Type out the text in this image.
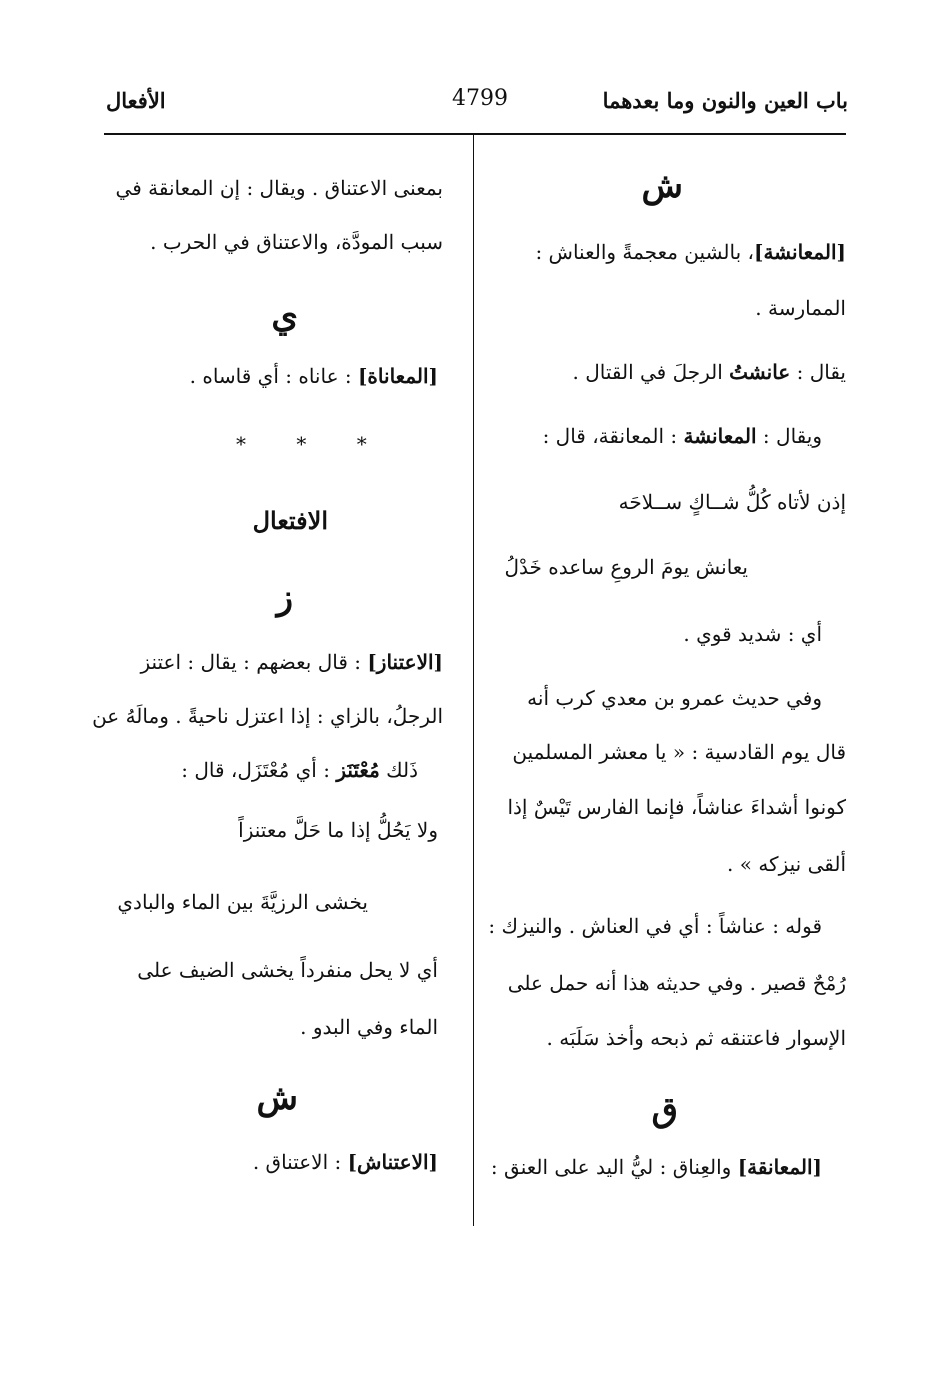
باب العين والنون وما بعدهما
4799
الأفعال
ش
[المعانشة]، بالشين معجمةً والعناش :
الممارسة .
يقال : عانشتُ الرجلَ في القتال .
ويقال : المعانشة : المعانقة، قال :
إذن لأتاه كُلُّ شــاكٍ ســلاحَه
يعانش يومَ الروعِ ساعده خَدْلُ
أي : شديد قوي .
وفي حديث عمرو بن معدي كرب أنه
قال يوم القادسية : « يا معشر المسلمين
كونوا أشداءَ عناشاً، فإنما الفارس تَيْسٌ إذا
ألقى نيزكه » .
قوله : عناشاً : أي في العناش . والنيزك :
رُمْحٌ قصير . وفي حديثه هذا أنه حمل على
الإسوار فاعتنقه ثم ذبحه وأخذ سَلَبَه .
ق
[المعانقة] والعِناق : ليُّ اليد على العنق :
بمعنى الاعتناق . ويقال : إن المعانقة في
سبب المودَّة، والاعتناق في الحرب .
ي
[المعاناة] : عاناه : أي قاساه .
* * *
الافتعال
ز
[الاعتناز] : قال بعضهم : يقال : اعتنز
الرجلُ، بالزاي : إذا اعتزل ناحيةً . ومالَهُ عن
ذَلك مُعْتَنَز : أي مُعْتَزَل، قال :
ولا يَحُلُّ إذا ما حَلَّ معتنزاً
يخشى الرزيَّةَ بين الماء والبادي
أي لا يحل منفرداً يخشى الضيف على
الماء وفي البدو .
ش
[الاعتناش] : الاعتناق .
